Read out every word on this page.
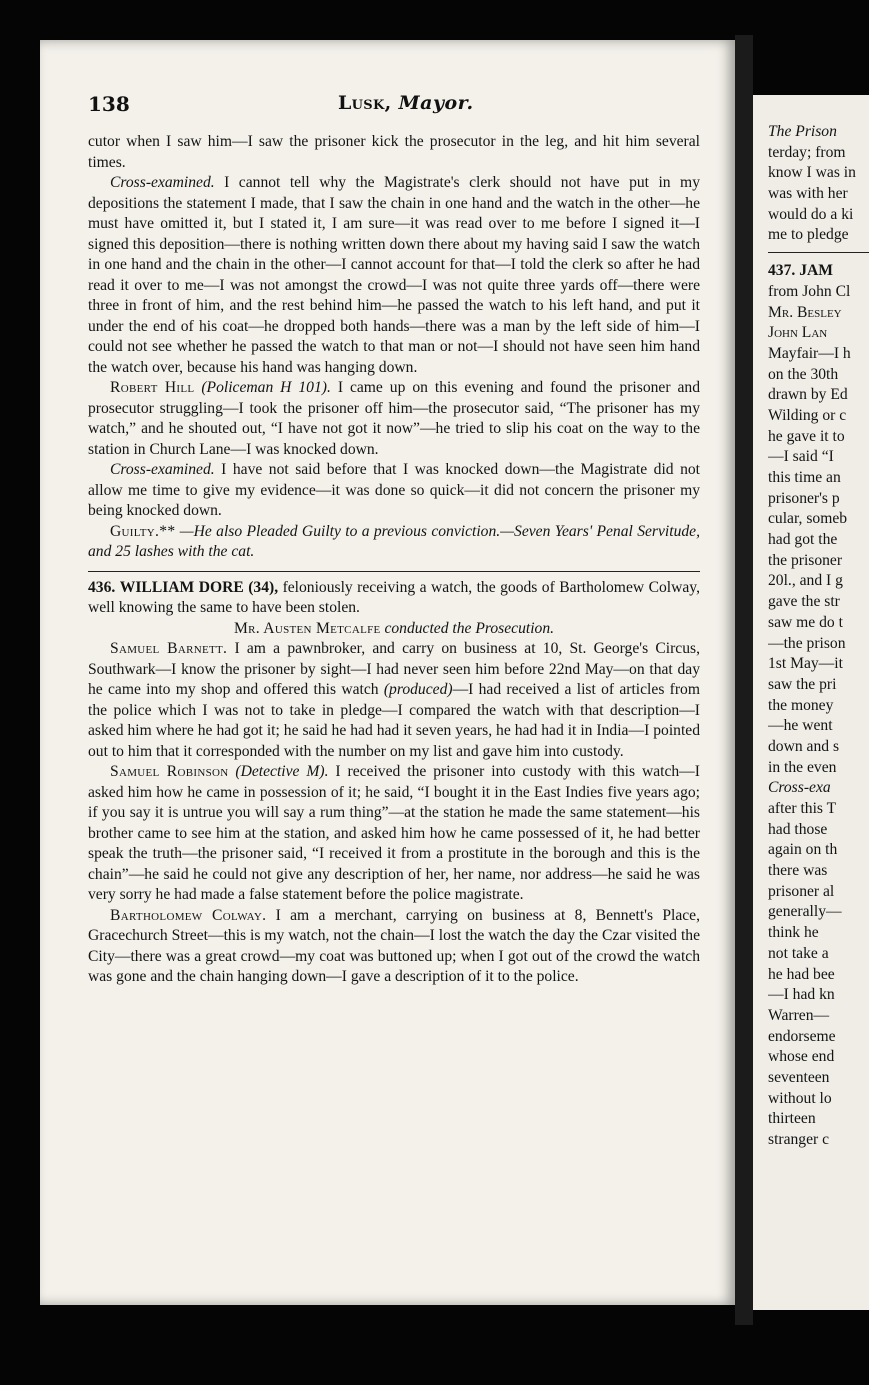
138	Lusk, Mayor.

cutor when I saw him—I saw the prisoner kick the prosecutor in the leg, and hit him several times.

Cross-examined. I cannot tell why the Magistrate's clerk should not have put in my depositions the statement I made, that I saw the chain in one hand and the watch in the other—he must have omitted it, but I stated it, I am sure—it was read over to me before I signed it—I signed this deposition—there is nothing written down there about my having said I saw the watch in one hand and the chain in the other—I cannot account for that—I told the clerk so after he had read it over to me—I was not amongst the crowd—I was not quite three yards off—there were three in front of him, and the rest behind him—he passed the watch to his left hand, and put it under the end of his coat—he dropped both hands—there was a man by the left side of him—I could not see whether he passed the watch to that man or not—I should not have seen him hand the watch over, because his hand was hanging down.

Robert Hill (Policeman H 101). I came up on this evening and found the prisoner and prosecutor struggling—I took the prisoner off him—the prosecutor said, “The prisoner has my watch,” and he shouted out, “I have not got it now”—he tried to slip his coat on the way to the station in Church Lane—I was knocked down.

Cross-examined. I have not said before that I was knocked down—the Magistrate did not allow me time to give my evidence—it was done so quick—it did not concern the prisoner my being knocked down.

Guilty.** —He also Pleaded Guilty to a previous conviction.—Seven Years' Penal Servitude, and 25 lashes with the cat.

436. WILLIAM DORE (34), feloniously receiving a watch, the goods of Bartholomew Colway, well knowing the same to have been stolen.

Mr. Austen Metcalfe conducted the Prosecution.

Samuel Barnett. I am a pawnbroker, and carry on business at 10, St. George's Circus, Southwark—I know the prisoner by sight—I had never seen him before 22nd May—on that day he came into my shop and offered this watch (produced)—I had received a list of articles from the police which I was not to take in pledge—I compared the watch with that description—I asked him where he had got it; he said he had had it seven years, he had had it in India—I pointed out to him that it corresponded with the number on my list and gave him into custody.

Samuel Robinson (Detective M). I received the prisoner into custody with this watch—I asked him how he came in possession of it; he said, “I bought it in the East Indies five years ago; if you say it is untrue you will say a rum thing”—at the station he made the same statement—his brother came to see him at the station, and asked him how he came possessed of it, he had better speak the truth—the prisoner said, “I received it from a prostitute in the borough and this is the chain”—he said he could not give any description of her, her name, nor address—he said he was very sorry he had made a false statement before the police magistrate.

Bartholomew Colway. I am a merchant, carrying on business at 8, Bennett's Place, Gracechurch Street—this is my watch, not the chain—I lost the watch the day the Czar visited the City—there was a great crowd—my coat was buttoned up; when I got out of the crowd the watch was gone and the chain hanging down—I gave a description of it to the police.

The Prison
terday; from
know I was in
was with her
would do a ki
me to pledge
437. JAM
from John Cl
Mr. Besley
John Lan
Mayfair—I h
on the 30th
drawn by Ed
Wilding or c
he gave it to
—I said “I
this time an
prisoner's p
cular, someb
had got the
the prisoner
20l., and I g
gave the str
saw me do t
—the prison
1st May—it
saw the pri
the money
—he went
down and s
in the even
Cross-exa
after this T
had those
again on th
there was
prisoner al
generally—
think he
not take a
he had bee
—I had kn
Warren—
endorseme
whose end
seventeen
without lo
thirteen
stranger c
